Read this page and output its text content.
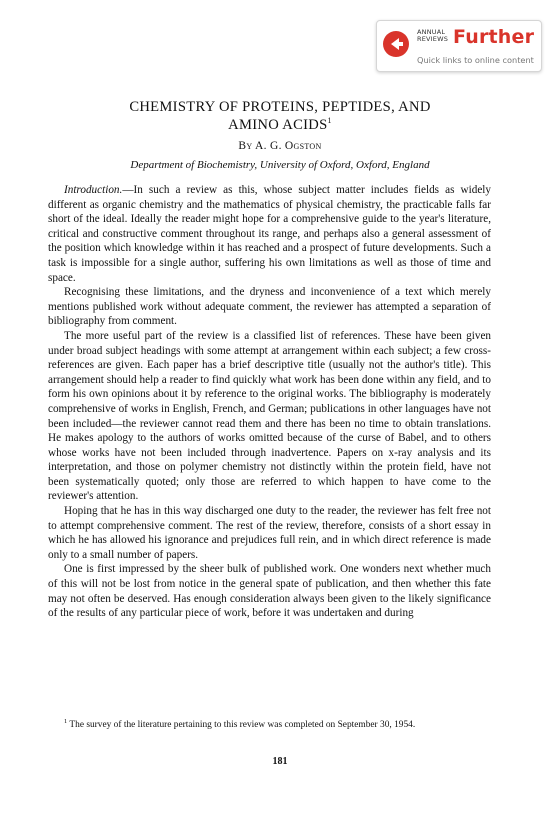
ANNUAL
REVIEWS Further
Quick links to online content
CHEMISTRY OF PROTEINS, PEPTIDES, AND
AMINO ACIDS$^1$
By A. G. Ogston
Department of Biochemistry, University of Oxford, Oxford, England

Introduction.—In such a review as this, whose subject matter includes fields as widely different as organic chemistry and the mathematics of physical chemistry, the practicable falls far short of the ideal. Ideally the reader might hope for a comprehensive guide to the year's literature, critical and constructive comment throughout its range, and perhaps also a general assessment of the position which knowledge within it has reached and a prospect of future developments. Such a task is impossible for a single author, suffering his own limitations as well as those of time and space.

Recognising these limitations, and the dryness and inconvenience of a text which merely mentions published work without adequate comment, the reviewer has attempted a separation of bibliography from comment.

The more useful part of the review is a classified list of references. These have been given under broad subject headings with some attempt at arrangement within each subject; a few cross-references are given. Each paper has a brief descriptive title (usually not the author's title). This arrangement should help a reader to find quickly what work has been done within any field, and to form his own opinions about it by reference to the original works. The bibliography is moderately comprehensive of works in English, French, and German; publications in other languages have not been included—the reviewer cannot read them and there has been no time to obtain translations. He makes apology to the authors of works omitted because of the curse of Babel, and to others whose works have not been included through inadvertence. Papers on x-ray analysis and its interpretation, and those on polymer chemistry not distinctly within the protein field, have not been systematically quoted; only those are referred to which happen to have come to the reviewer's attention.

Hoping that he has in this way discharged one duty to the reader, the reviewer has felt free not to attempt comprehensive comment. The rest of the review, therefore, consists of a short essay in which he has allowed his ignorance and prejudices full rein, and in which direct reference is made only to a small number of papers.

One is first impressed by the sheer bulk of published work. One wonders next whether much of this will not be lost from notice in the general spate of publication, and then whether this fate may not often be deserved. Has enough consideration always been given to the likely significance of the results of any particular piece of work, before it was undertaken and during

$^1$ The survey of the literature pertaining to this review was completed on September 30, 1954.
181
